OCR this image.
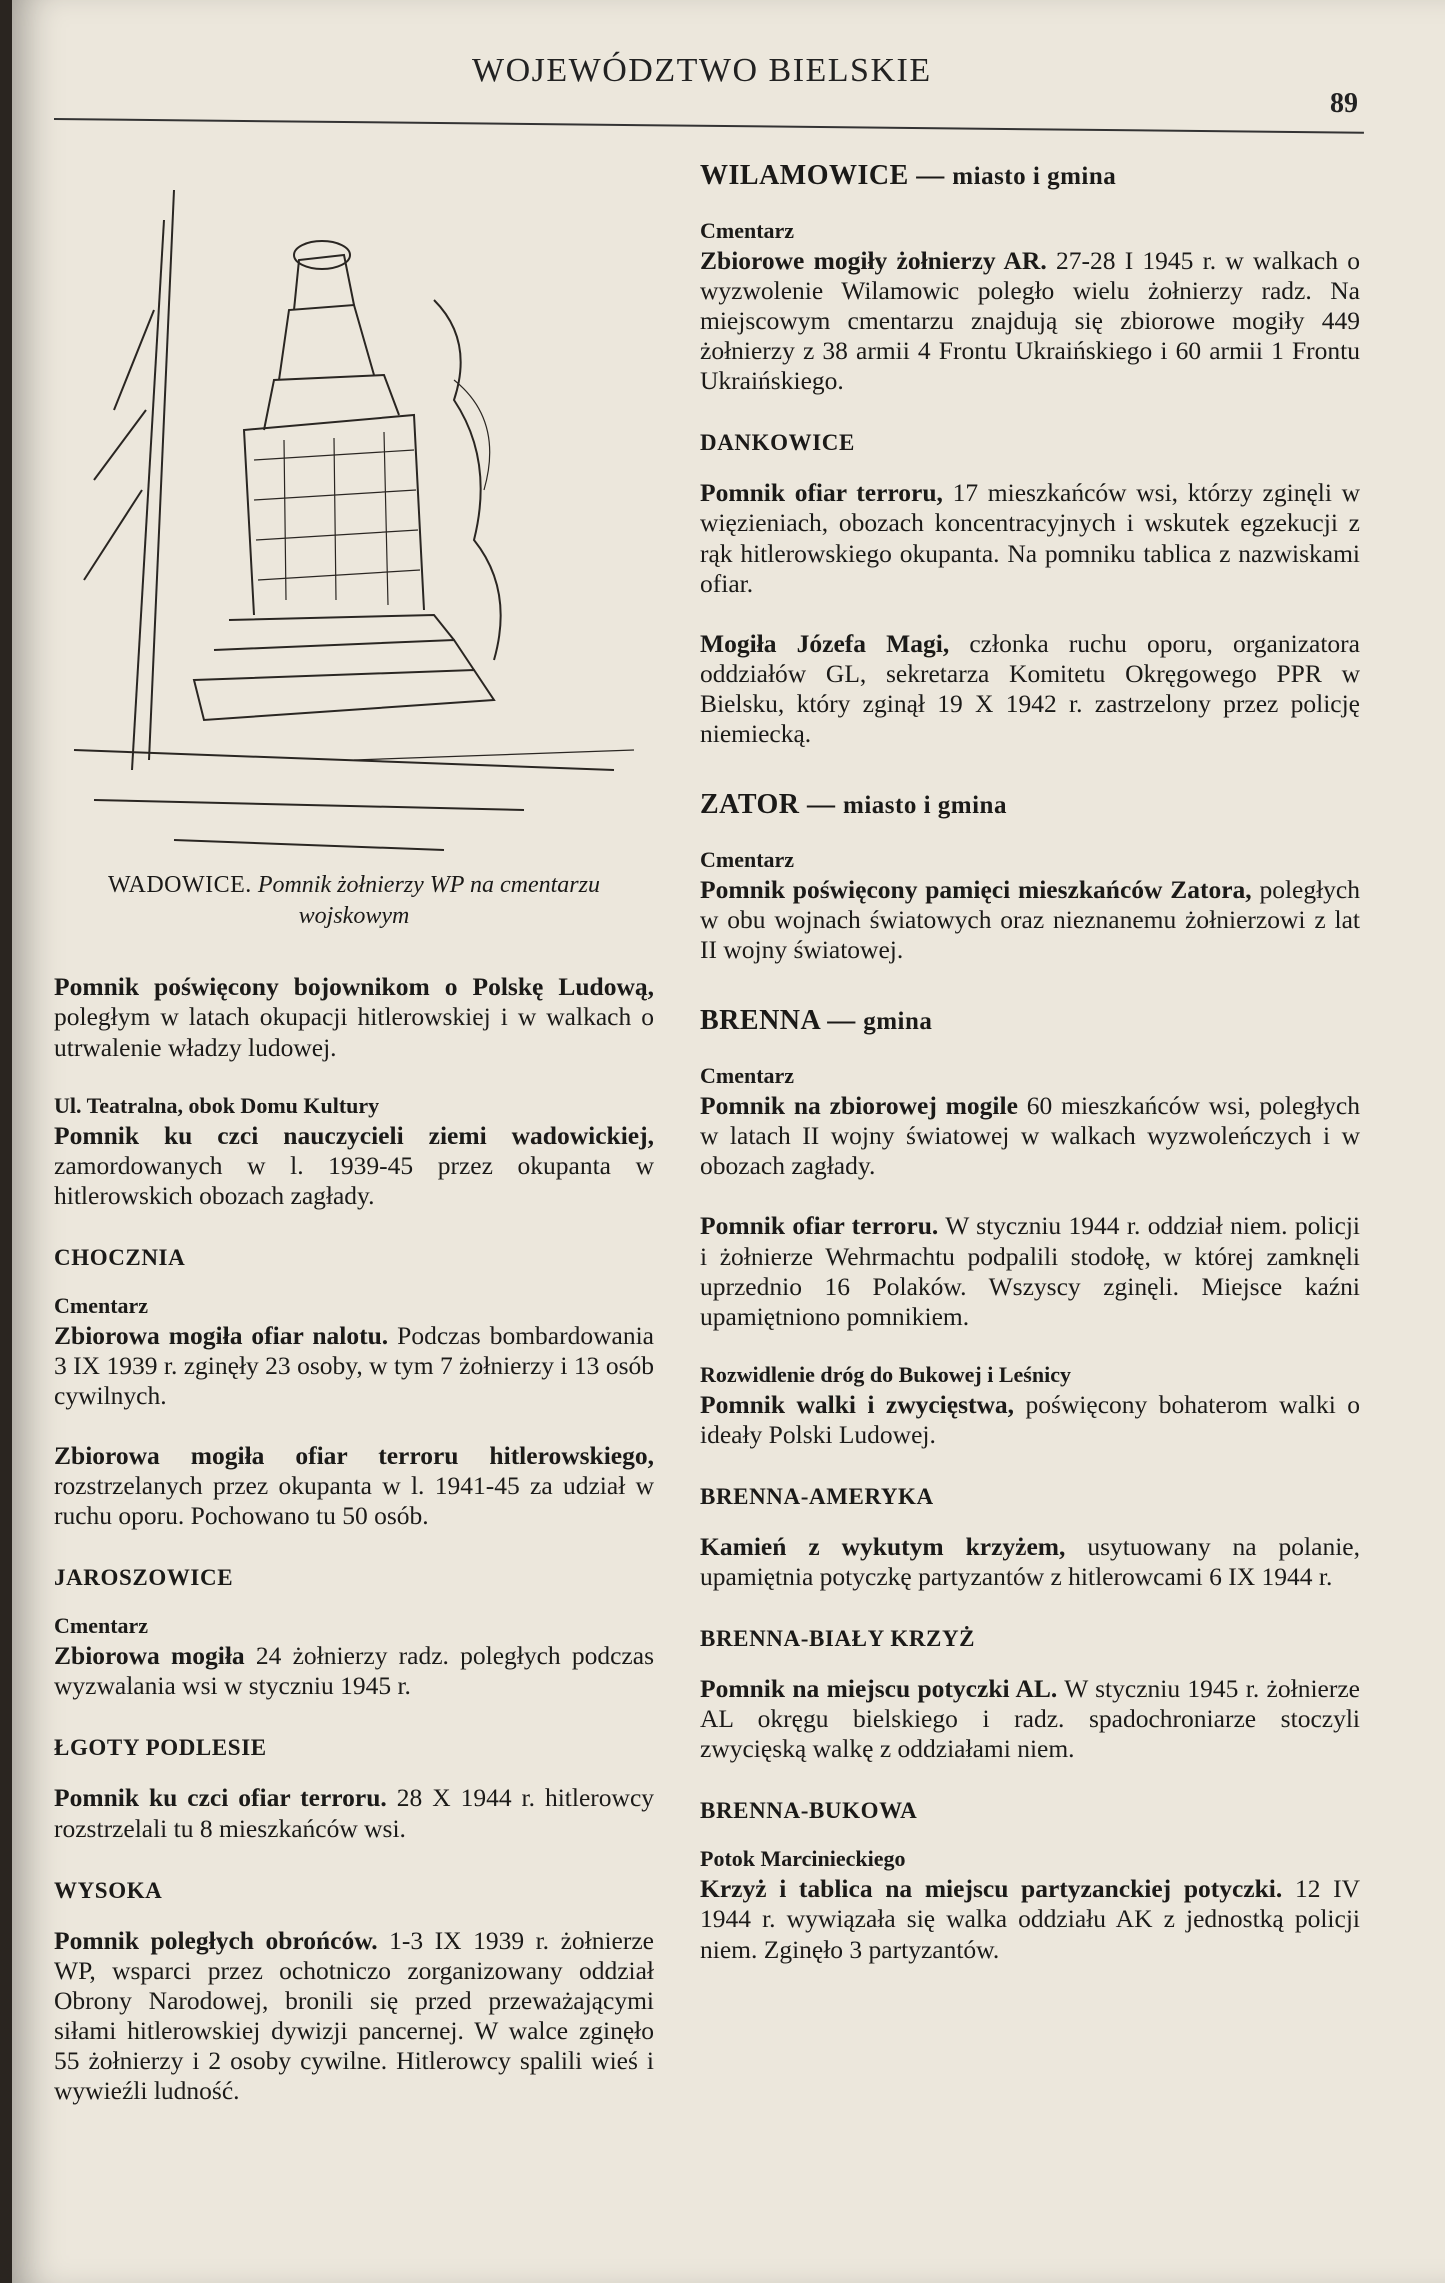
WOJEWÓDZTWO BIELSKIE
89
WADOWICE. Pomnik żołnierzy WP na cmentarzu wojskowym

Pomnik poświęcony bojownikom o Polskę Ludową, poległym w latach okupacji hitlerowskiej i w walkach o utrwalenie władzy ludowej.

Ul. Teatralna, obok Domu Kultury

Pomnik ku czci nauczycieli ziemi wadowickiej, zamordowanych w l. 1939-45 przez okupanta w hitlerowskich obozach zagłady.

CHOCZNIA

Cmentarz

Zbiorowa mogiła ofiar nalotu. Podczas bombardowania 3 IX 1939 r. zginęły 23 osoby, w tym 7 żołnierzy i 13 osób cywilnych.

Zbiorowa mogiła ofiar terroru hitlerowskiego, rozstrzelanych przez okupanta w l. 1941-45 za udział w ruchu oporu. Pochowano tu 50 osób.

JAROSZOWICE

Cmentarz

Zbiorowa mogiła 24 żołnierzy radz. poległych podczas wyzwalania wsi w styczniu 1945 r.

ŁGOTY PODLESIE

Pomnik ku czci ofiar terroru. 28 X 1944 r. hitlerowcy rozstrzelali tu 8 mieszkańców wsi.

WYSOKA

Pomnik poległych obrońców. 1-3 IX 1939 r. żołnierze WP, wsparci przez ochotniczo zorganizowany oddział Obrony Narodowej, bronili się przed przeważającymi siłami hitlerowskiej dywizji pancernej. W walce zginęło 55 żołnierzy i 2 osoby cywilne. Hitlerowcy spalili wieś i wywieźli ludność.

WILAMOWICE — miasto i gmina

Cmentarz

Zbiorowe mogiły żołnierzy AR. 27-28 I 1945 r. w walkach o wyzwolenie Wilamowic poległo wielu żołnierzy radz. Na miejscowym cmentarzu znajdują się zbiorowe mogiły 449 żołnierzy z 38 armii 4 Frontu Ukraińskiego i 60 armii 1 Frontu Ukraińskiego.

DANKOWICE

Pomnik ofiar terroru, 17 mieszkańców wsi, którzy zginęli w więzieniach, obozach koncentracyjnych i wskutek egzekucji z rąk hitlerowskiego okupanta. Na pomniku tablica z nazwiskami ofiar.

Mogiła Józefa Magi, członka ruchu oporu, organizatora oddziałów GL, sekretarza Komitetu Okręgowego PPR w Bielsku, który zginął 19 X 1942 r. zastrzelony przez policję niemiecką.

ZATOR — miasto i gmina

Cmentarz

Pomnik poświęcony pamięci mieszkańców Zatora, poległych w obu wojnach światowych oraz nieznanemu żołnierzowi z lat II wojny światowej.

BRENNA — gmina

Cmentarz

Pomnik na zbiorowej mogile 60 mieszkańców wsi, poległych w latach II wojny światowej w walkach wyzwoleńczych i w obozach zagłady.

Pomnik ofiar terroru. W styczniu 1944 r. oddział niem. policji i żołnierze Wehrmachtu podpalili stodołę, w której zamknęli uprzednio 16 Polaków. Wszyscy zginęli. Miejsce kaźni upamiętniono pomnikiem.

Rozwidlenie dróg do Bukowej i Leśnicy

Pomnik walki i zwycięstwa, poświęcony bohaterom walki o ideały Polski Ludowej.

BRENNA-AMERYKA

Kamień z wykutym krzyżem, usytuowany na polanie, upamiętnia potyczkę partyzantów z hitlerowcami 6 IX 1944 r.

BRENNA-BIAŁY KRZYŻ

Pomnik na miejscu potyczki AL. W styczniu 1945 r. żołnierze AL okręgu bielskiego i radz. spadochroniarze stoczyli zwycięską walkę z oddziałami niem.

BRENNA-BUKOWA

Potok Marcinieckiego

Krzyż i tablica na miejscu partyzanckiej potyczki. 12 IV 1944 r. wywiązała się walka oddziału AK z jednostką policji niem. Zginęło 3 partyzantów.
